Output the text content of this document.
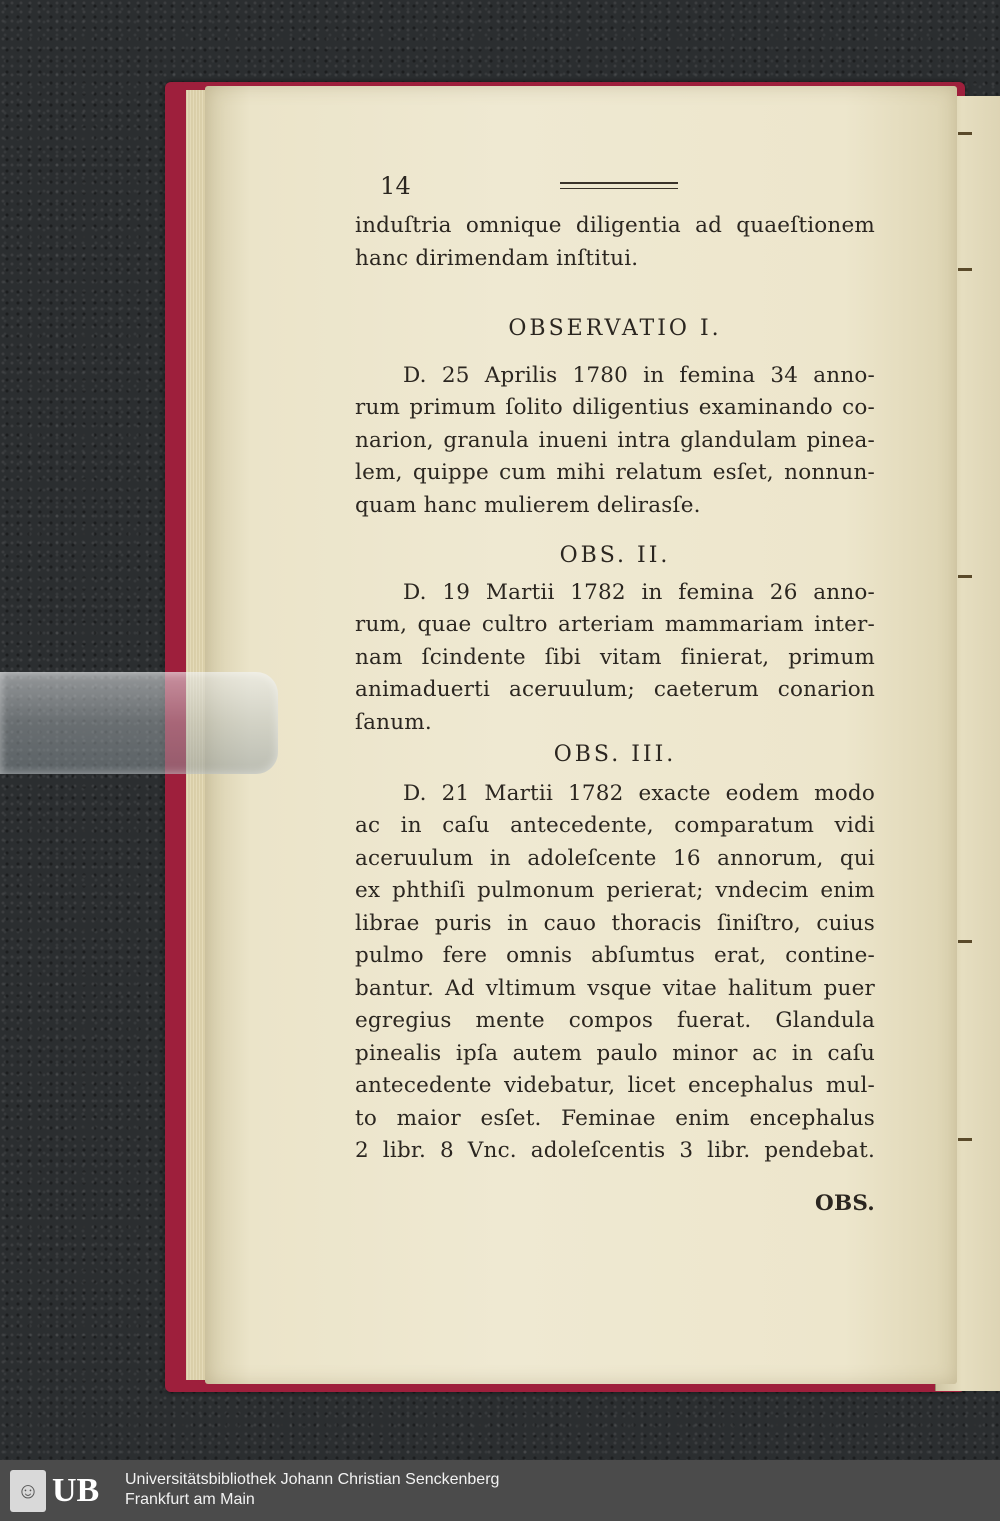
14
induſtria omnique diligentia ad quaeſtionem
hanc dirimendam inſtitui.
OBSERVATIO I.
D. 25 Aprilis 1780 in femina 34 anno-
rum primum ſolito diligentius examinando co-
narion, granula inueni intra glandulam pinea-
lem, quippe cum mihi relatum esſet, nonnun-
quam hanc mulierem delirasſe.
OBS. II.
D. 19 Martii 1782 in femina 26 anno-
rum, quae cultro arteriam mammariam inter-
nam ſcindente ſibi vitam finierat, primum
animaduerti aceruulum; caeterum conarion
ſanum.
OBS. III.
D. 21 Martii 1782 exacte eodem modo
ac in caſu antecedente, comparatum vidi
aceruulum in adoleſcente 16 annorum, qui
ex phthiſi pulmonum perierat; vndecim enim
librae puris in cauo thoracis ſiniſtro, cuius
pulmo fere omnis abſumtus erat, contine-
bantur. Ad vltimum vsque vitae halitum puer
egregius mente compos fuerat. Glandula
pinealis ipſa autem paulo minor ac in caſu
antecedente videbatur, licet encephalus mul-
to maior esſet. Feminae enim encephalus
2 libr. 8 Vnc. adoleſcentis 3 libr. pendebat.
OBS.
☺ UB Universitätsbibliothek Johann Christian Senckenberg
Frankfurt am Main
